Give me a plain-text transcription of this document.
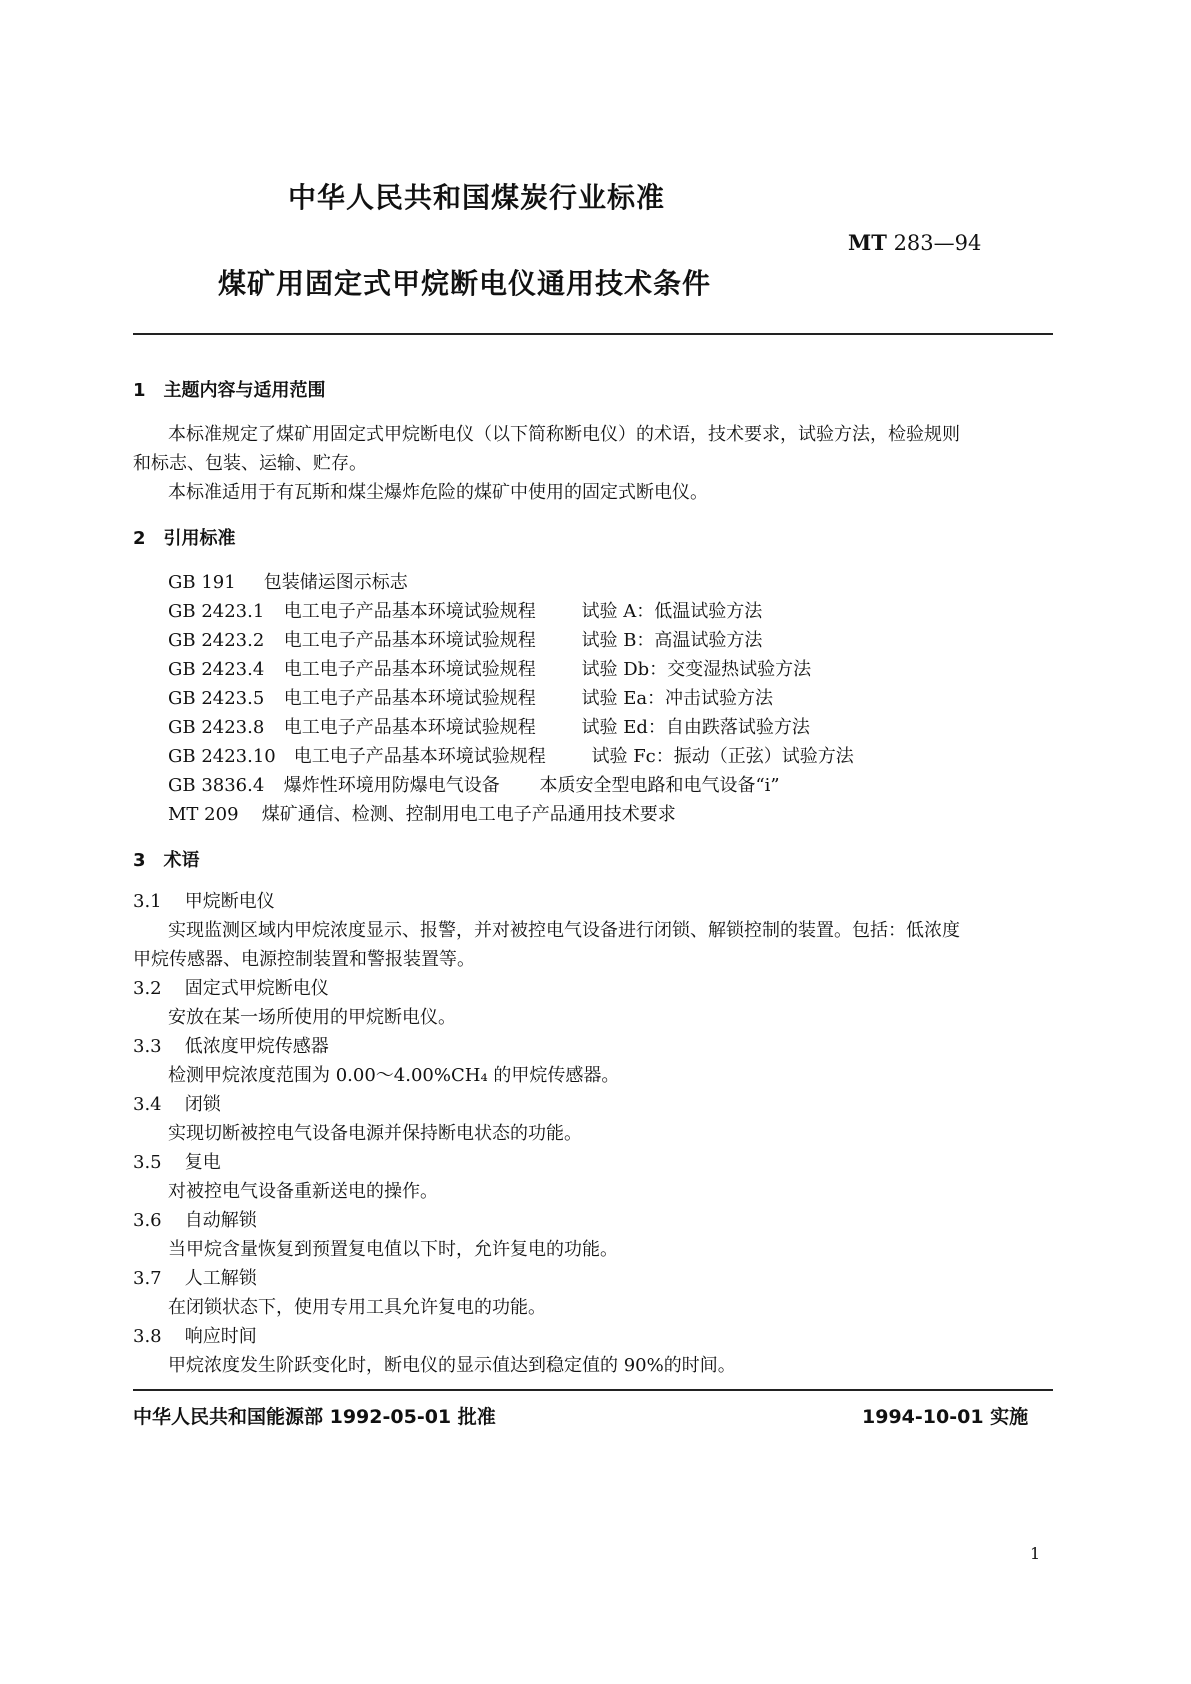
中华人民共和国煤炭行业标准
MT 283—94
煤矿用固定式甲烷断电仪通用技术条件
1　主题内容与适用范围
本标准规定了煤矿用固定式甲烷断电仪（以下简称断电仪）的术语，技术要求，试验方法，检验规则
和标志、包装、运输、贮存。
本标准适用于有瓦斯和煤尘爆炸危险的煤矿中使用的固定式断电仪。
2　引用标准
GB 191 包装储运图示标志
GB 2423.1 电工电子产品基本环境试验规程	试验 A：低温试验方法
GB 2423.2 电工电子产品基本环境试验规程	试验 B：高温试验方法
GB 2423.4 电工电子产品基本环境试验规程	试验 Db：交变湿热试验方法
GB 2423.5 电工电子产品基本环境试验规程	试验 Ea：冲击试验方法
GB 2423.8 电工电子产品基本环境试验规程	试验 Ed：自由跌落试验方法
GB 2423.10 电工电子产品基本环境试验规程	试验 Fc：振动（正弦）试验方法
GB 3836.4 爆炸性环境用防爆电气设备 本质安全型电路和电气设备“i”
MT 209 煤矿通信、检测、控制用电工电子产品通用技术要求
3　术语
3.1 甲烷断电仪
实现监测区域内甲烷浓度显示、报警，并对被控电气设备进行闭锁、解锁控制的装置。包括：低浓度
甲烷传感器、电源控制装置和警报装置等。
3.2 固定式甲烷断电仪
安放在某一场所使用的甲烷断电仪。
3.3 低浓度甲烷传感器
检测甲烷浓度范围为 0.00～4.00%CH₄ 的甲烷传感器。
3.4 闭锁
实现切断被控电气设备电源并保持断电状态的功能。
3.5 复电
对被控电气设备重新送电的操作。
3.6 自动解锁
当甲烷含量恢复到预置复电值以下时，允许复电的功能。
3.7 人工解锁
在闭锁状态下，使用专用工具允许复电的功能。
3.8 响应时间
甲烷浓度发生阶跃变化时，断电仪的显示值达到稳定值的 90%的时间。
中华人民共和国能源部 1992-05-01 批准	1994-10-01 实施
1
